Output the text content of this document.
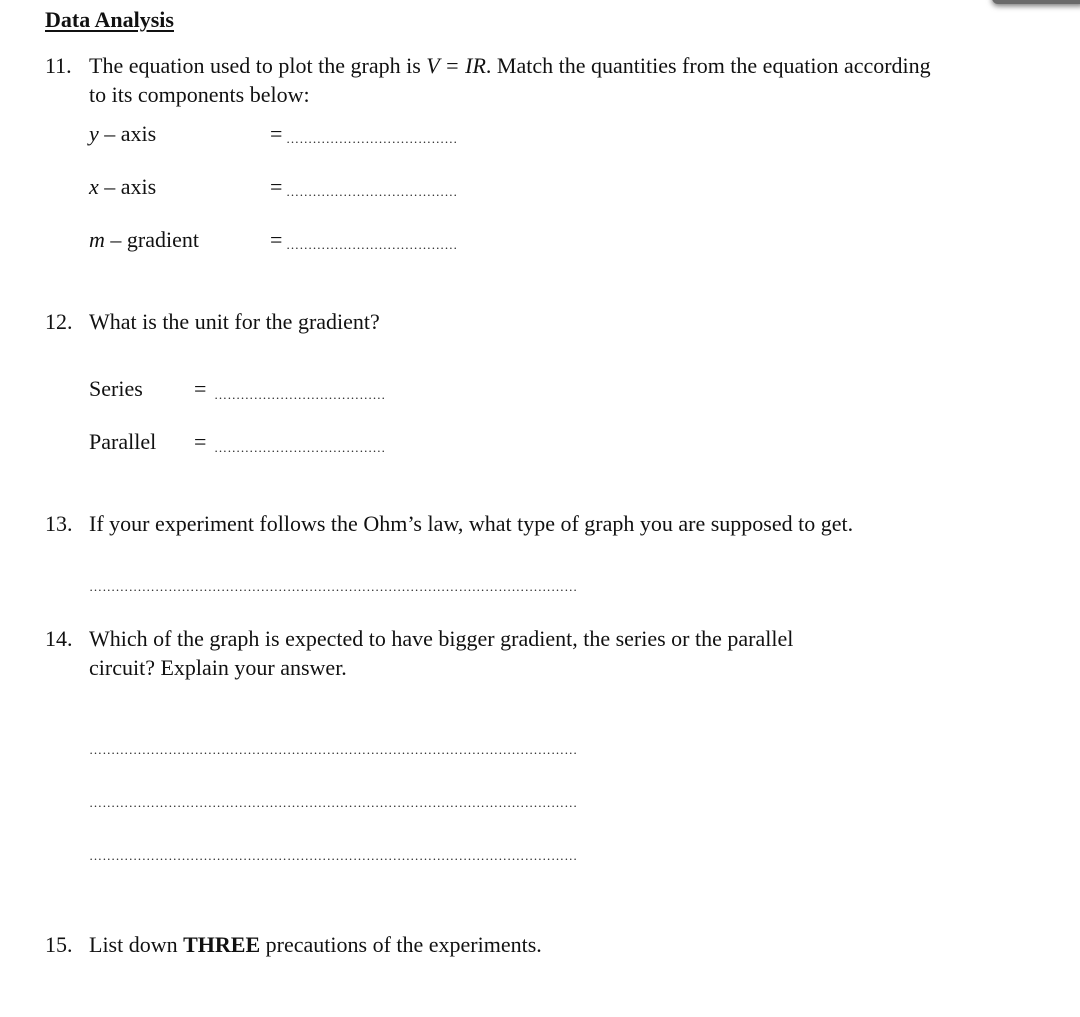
Data Analysis
11. The equation used to plot the graph is V = IR. Match the quantities from the equation according
to its components below:
y – axis	= …………………………………
x – axis	= …………………………………
m – gradient	= …………………………………
12. What is the unit for the gradient?
Series = …………………………………
Parallel = …………………………………
13. If your experiment follows the Ohm’s law, what type of graph you are supposed to get.
…………………………………………………………………………………………………
14. Which of the graph is expected to have bigger gradient, the series or the parallel
circuit? Explain your answer.
…………………………………………………………………………………………………
…………………………………………………………………………………………………
…………………………………………………………………………………………………
15. List down THREE precautions of the experiments.
